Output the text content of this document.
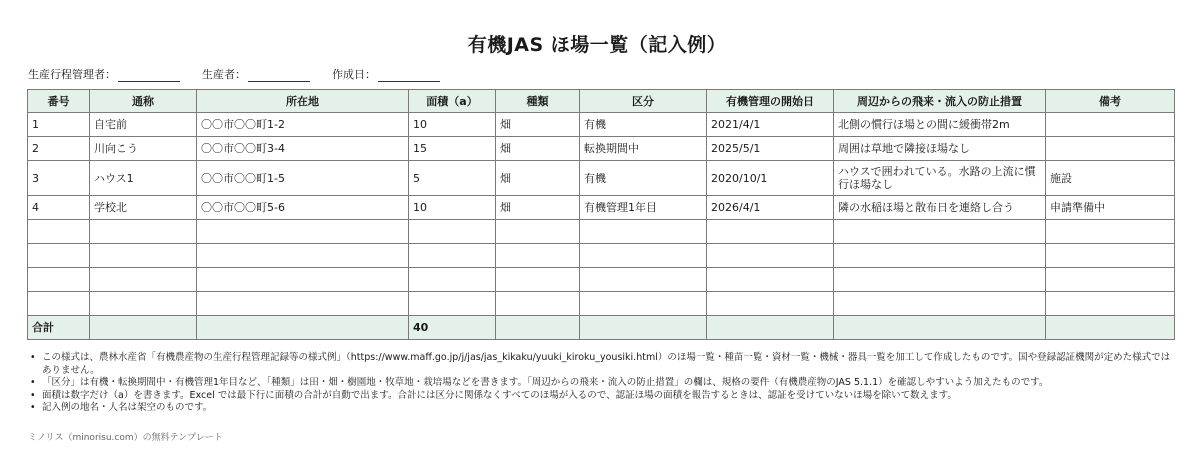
有機JAS ほ場一覧（記入例）
生産行程管理者：	生産者：	作成日：
番号	通称	所在地	面積（a）	種類	区分	有機管理の開始日	周辺からの飛来・流入の防止措置	備考
1	自宅前	〇〇市〇〇町1-2	10	畑	有機	2021/4/1	北側の慣行ほ場との間に緩衝帯2m	
2	川向こう	〇〇市〇〇町3-4	15	畑	転換期間中	2025/5/1	周囲は草地で隣接ほ場なし	
3	ハウス1	〇〇市〇〇町1-5	5	畑	有機	2020/10/1	ハウスで囲われている。水路の上流に慣行ほ場なし	施設
4	学校北	〇〇市〇〇町5-6	10	畑	有機管理1年目	2026/4/1	隣の水稲ほ場と散布日を連絡し合う	申請準備中

合計			40					
• この様式は、農林水産省「有機農産物の生産行程管理記録等の様式例」（https://www.maff.go.jp/j/jas/jas_kikaku/yuuki_kiroku_yousiki.html）のほ場一覧・種苗一覧・資材一覧・機械・器具一覧を加工して作成したものです。国や登録認証機関が定めた様式ではありません。
• 「区分」は有機・転換期間中・有機管理1年目など、「種類」は田・畑・樹園地・牧草地・栽培場などを書きます。「周辺からの飛来・流入の防止措置」の欄は、規格の要件（有機農産物のJAS 5.1.1）を確認しやすいよう加えたものです。
• 面積は数字だけ（a）を書きます。Excel では最下行に面積の合計が自動で出ます。合計には区分に関係なくすべてのほ場が入るので、認証ほ場の面積を報告するときは、認証を受けていないほ場を除いて数えます。
• 記入例の地名・人名は架空のものです。
ミノリス（minorisu.com）の無料テンプレート
